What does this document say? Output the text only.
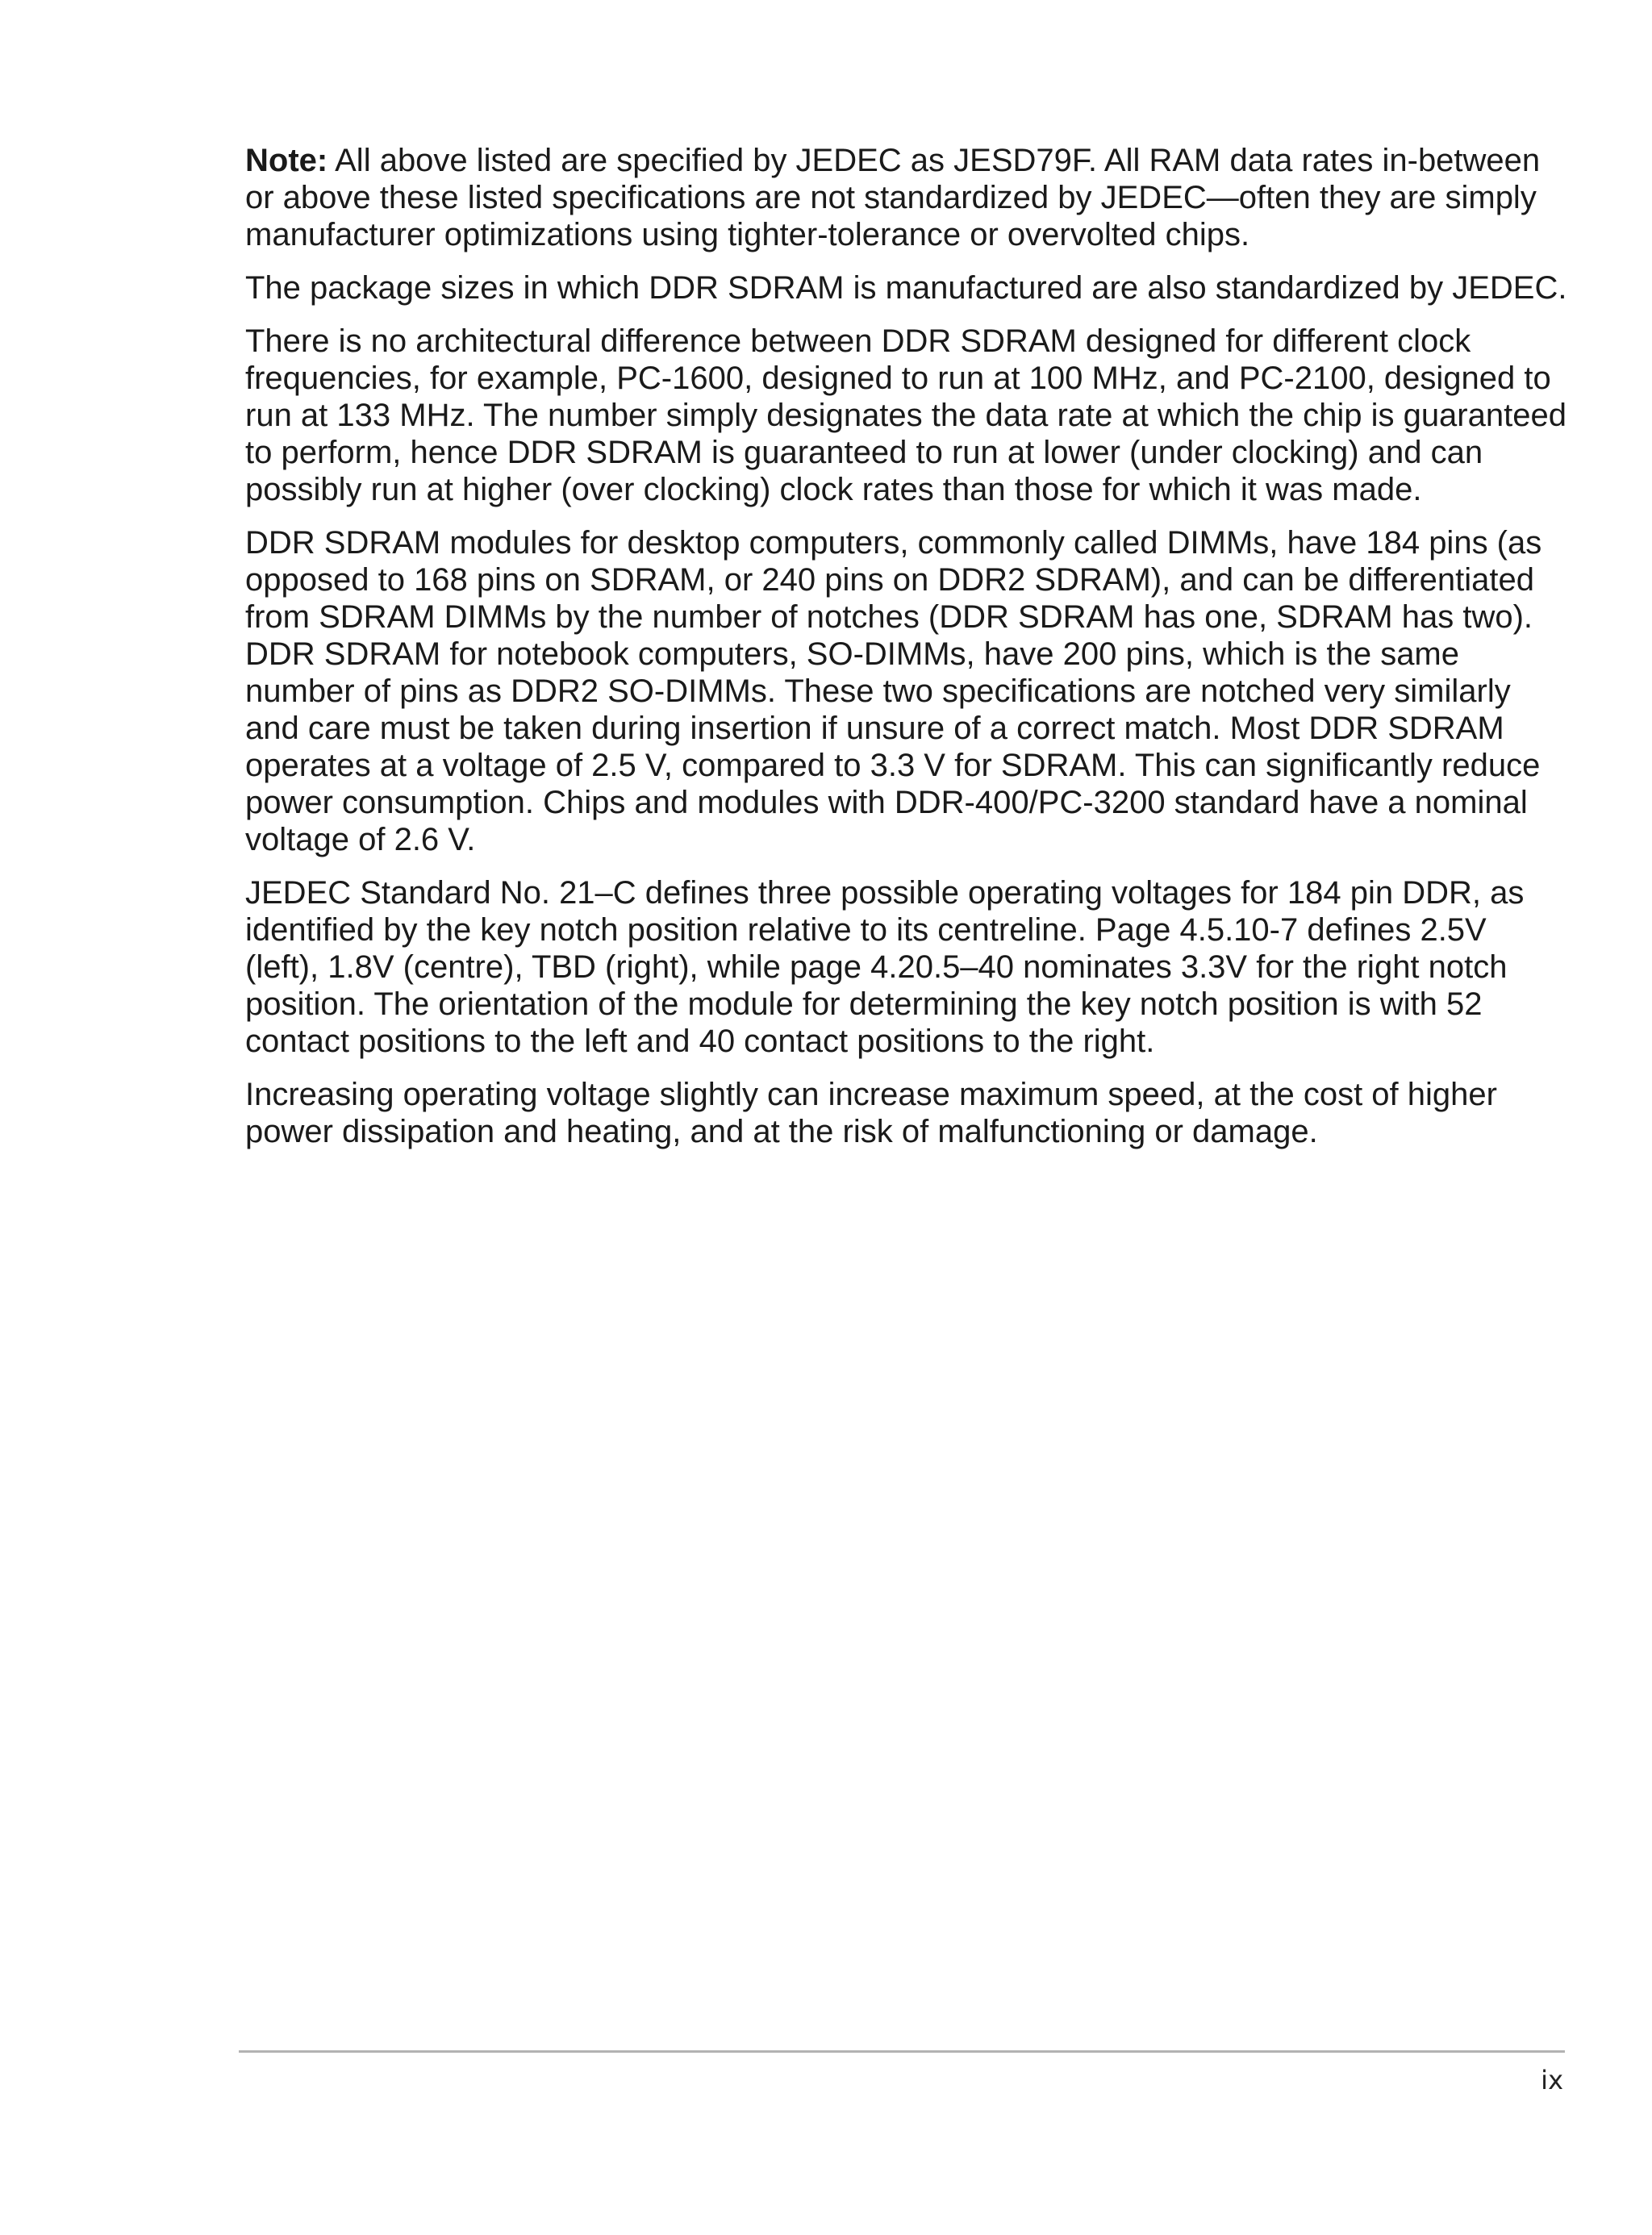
Note: All above listed are specified by JEDEC as JESD79F. All RAM data rates in-between or above these listed specifications are not standardized by JEDEC—often they are simply manufacturer optimizations using tighter-tolerance or overvolted chips.

The package sizes in which DDR SDRAM is manufactured are also standardized by JEDEC.

There is no architectural difference between DDR SDRAM designed for different clock frequencies, for example, PC-1600, designed to run at 100 MHz, and PC-2100, designed to run at 133 MHz. The number simply designates the data rate at which the chip is guaranteed to perform, hence DDR SDRAM is guaranteed to run at lower (under clocking) and can possibly run at higher (over clocking) clock rates than those for which it was made.

DDR SDRAM modules for desktop computers, commonly called DIMMs, have 184 pins (as opposed to 168 pins on SDRAM, or 240 pins on DDR2 SDRAM), and can be differentiated from SDRAM DIMMs by the number of notches (DDR SDRAM has one, SDRAM has two). DDR SDRAM for notebook computers, SO-DIMMs, have 200 pins, which is the same number of pins as DDR2 SO-DIMMs. These two specifications are notched very similarly and care must be taken during insertion if unsure of a correct match. Most DDR SDRAM operates at a voltage of 2.5 V, compared to 3.3 V for SDRAM. This can significantly reduce power consumption. Chips and modules with DDR-400/PC-3200 standard have a nominal voltage of 2.6 V.

JEDEC Standard No. 21–C defines three possible operating voltages for 184 pin DDR, as identified by the key notch position relative to its centreline. Page 4.5.10-7 defines 2.5V (left), 1.8V (centre), TBD (right), while page 4.20.5–40 nominates 3.3V for the right notch position. The orientation of the module for determining the key notch position is with 52 contact positions to the left and 40 contact positions to the right.

Increasing operating voltage slightly can increase maximum speed, at the cost of higher power dissipation and heating, and at the risk of malfunctioning or damage.

ix
